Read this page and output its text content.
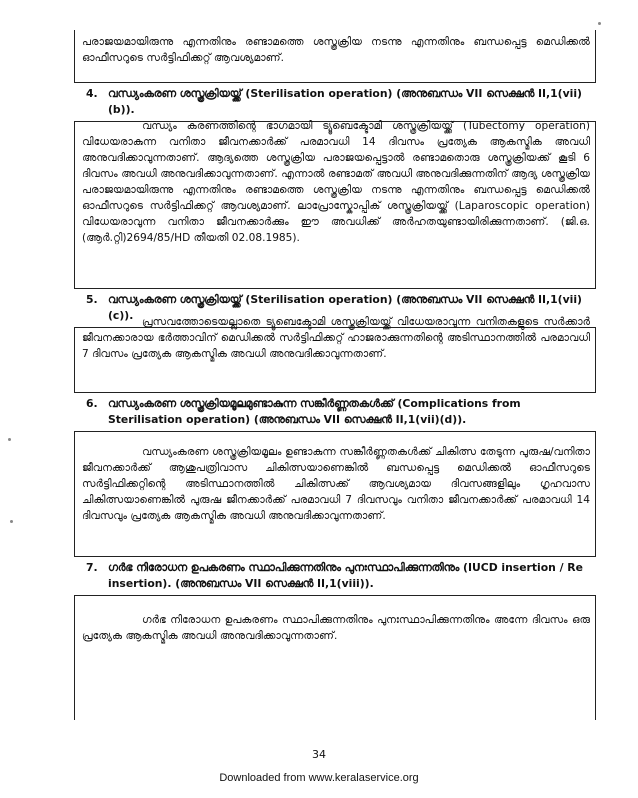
പരാജയമായിരുന്നു എന്നതിനും രണ്ടാമത്തെ ശസ്ത്രക്രിയ നടന്നു എന്നതിനും ബന്ധപ്പെട്ട മെഡിക്കൽ ഓഫീസറുടെ സർട്ടിഫിക്കറ്റ് ആവശ്യമാണ്.

4. വന്ധ്യംകരണ ശസ്ത്രക്രിയയ്ക്ക് (Sterilisation operation) (അനുബന്ധം VII സെക്ഷൻ II,1(vii)(b)).

വന്ധ്യം കരണത്തിന്റെ ഭാഗമായി ട്യൂബെക്ടോമി ശസ്ത്രക്രിയയ്ക്ക് (Tubectomy operation) വിധേയരാകുന്ന വനിതാ ജീവനക്കാർക്ക് പരമാവധി 14 ദിവസം പ്രത്യേക ആകസ്മിക അവധി അനുവദിക്കാവുന്നതാണ്. ആദ്യത്തെ ശസ്ത്രക്രിയ പരാജയപ്പെട്ടാൽ രണ്ടാമതൊരു ശസ്ത്രക്രിയക്ക് കൂടി 6 ദിവസം അവധി അനുവദിക്കാവുന്നതാണ്. എന്നാൽ രണ്ടാമത് അവധി അനുവദിക്കുന്നതിന് ആദ്യ ശസ്ത്രക്രിയ പരാജയമായിരുന്നു എന്നതിനും രണ്ടാമത്തെ ശസ്ത്രക്രിയ നടന്നു എന്നതിനും ബന്ധപ്പെട്ട മെഡിക്കൽ ഓഫീസറുടെ സർട്ടിഫിക്കറ്റ് ആവശ്യമാണ്. ലാപ്രോസ്കോപ്പിക് ശസ്ത്രക്രിയയ്ക്ക് (Laparoscopic operation) വിധേയരാവുന്ന വനിതാ ജീവനക്കാർക്കും ഈ അവധിക്ക് അർഹതയുണ്ടായിരിക്കുന്നതാണ്. (ജി.ഒ.(ആർ.റ്റി)2694/85/HD തീയതി 02.08.1985).

5. വന്ധ്യംകരണ ശസ്ത്രക്രിയയ്ക്ക് (Sterilisation operation) (അനുബന്ധം VII സെക്ഷൻ II,1(vii)(c)). പ്രസവത്തോടെയല്ലാതെ ട്യൂബെക്ടോമി ശസ്ത്രക്രിയയ്ക്ക് വിധേയരാവുന്ന വനിതകളുടെ സർക്കാർ ജീവനക്കാരായ ഭർത്താവിന് മെഡിക്കൽ സർട്ടിഫിക്കറ്റ് ഹാജരാക്കുന്നതിന്റെ അടിസ്ഥാനത്തിൽ പരമാവധി 7 ദിവസം പ്രത്യേക ആകസ്മിക അവധി അനുവദിക്കാവുന്നതാണ്.

6. വന്ധ്യംകരണ ശസ്ത്രക്രിയമൂലമുണ്ടാകുന്ന സങ്കീർണ്ണതകൾക്ക് (Complications from Sterilisation operation) (അനുബന്ധം VII സെക്ഷൻ II,1(vii)(d)).

വന്ധ്യംകരണ ശസ്ത്രക്രിയമൂലം ഉണ്ടാകുന്ന സങ്കീർണ്ണതകൾക്ക് ചികിത്സ തേടുന്ന പുരുഷ/വനിതാ ജീവനക്കാർക്ക് ആശുപത്രിവാസ ചികിത്സയാണെങ്കിൽ ബന്ധപ്പെട്ട മെഡിക്കൽ ഓഫീസറുടെ സർട്ടിഫിക്കറ്റിന്റെ അടിസ്ഥാനത്തിൽ ചികിത്സക്ക് ആവശ്യമായ ദിവസങ്ങളിലും ഗൃഹവാസ ചികിത്സയാണെങ്കിൽ പുരുഷ ജീനക്കാർക്ക് പരമാവധി 7 ദിവസവും വനിതാ ജീവനക്കാർക്ക് പരമാവധി 14 ദിവസവും പ്രത്യേക ആകസ്മിക അവധി അനുവദിക്കാവുന്നതാണ്.

7. ഗർഭ നിരോധന ഉപകരണം സ്ഥാപിക്കുന്നതിനും പുനഃസ്ഥാപിക്കുന്നതിനും (IUCD insertion / Re insertion). (അനുബന്ധം VII സെക്ഷൻ II,1(viii)).

ഗർഭ നിരോധന ഉപകരണം സ്ഥാപിക്കുന്നതിനും പുനഃസ്ഥാപിക്കുന്നതിനും അന്നേ ദിവസം ഒരു പ്രത്യേക ആകസ്മിക അവധി അനുവദിക്കാവുന്നതാണ്.

34
Downloaded from www.keralaservice.org
